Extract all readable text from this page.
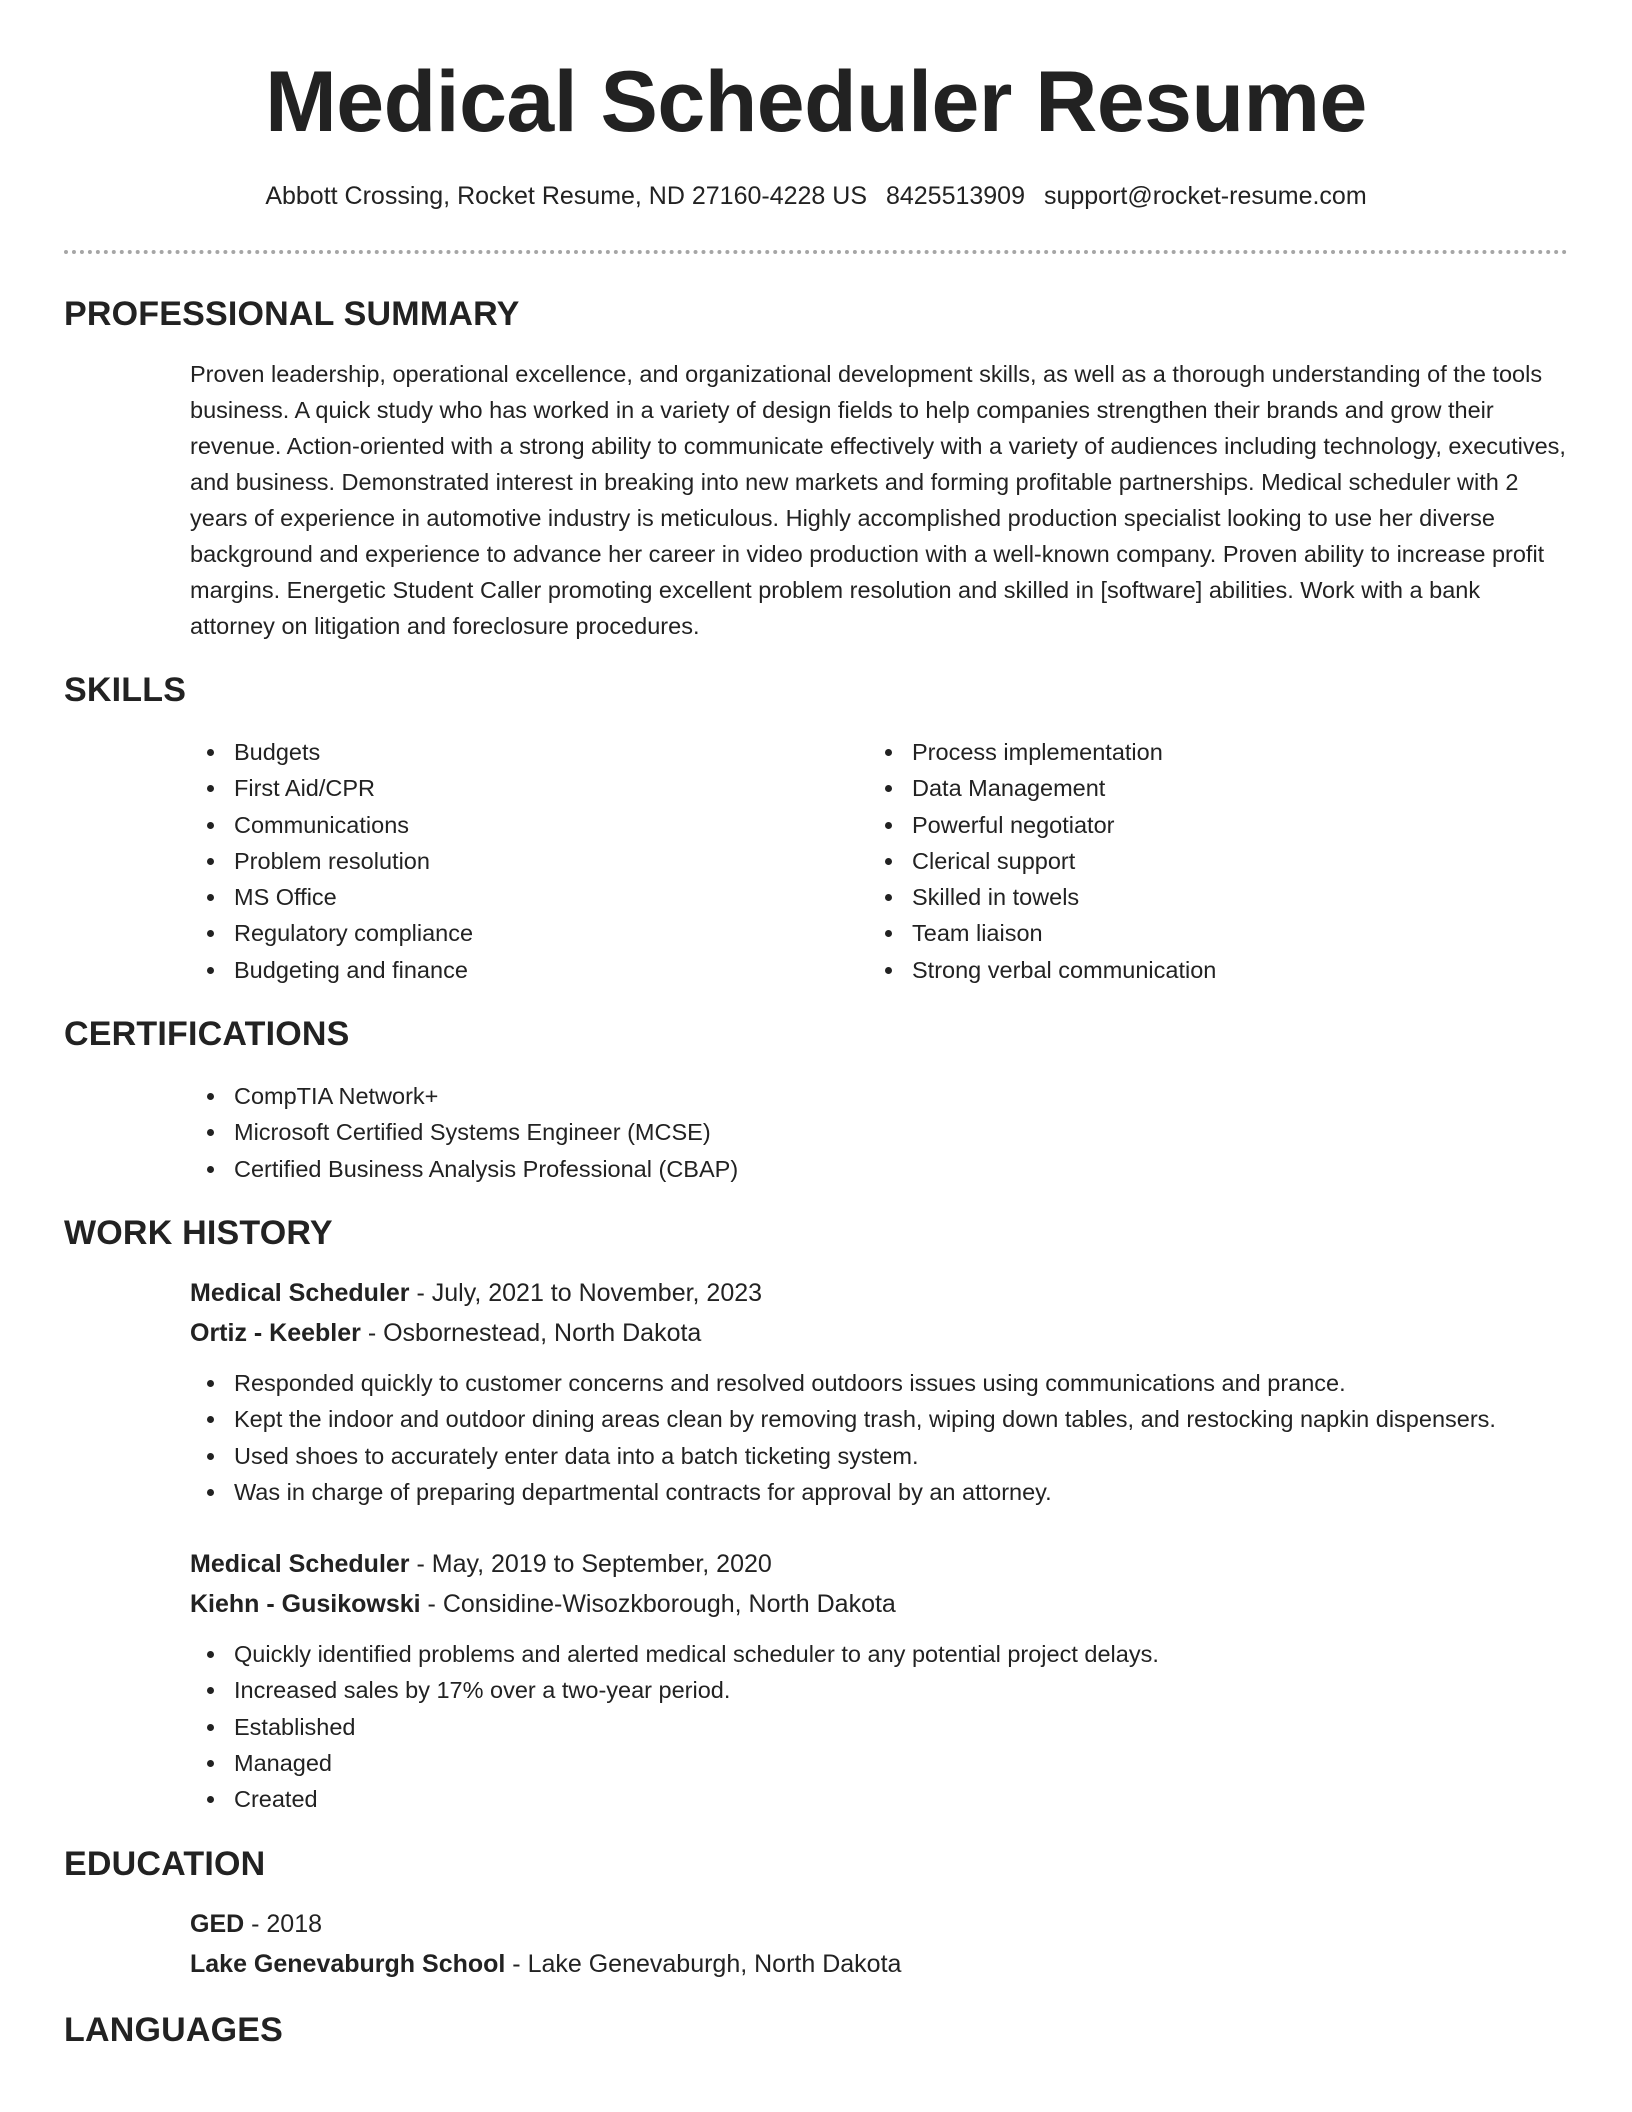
Medical Scheduler Resume
Abbott Crossing, Rocket Resume, ND 27160-4228 US 8425513909 support@rocket-resume.com
PROFESSIONAL SUMMARY

Proven leadership, operational excellence, and organizational development skills, as well as a thorough understanding of the tools business. A quick study who has worked in a variety of design fields to help companies strengthen their brands and grow their revenue. Action-oriented with a strong ability to communicate effectively with a variety of audiences including technology, executives, and business. Demonstrated interest in breaking into new markets and forming profitable partnerships. Medical scheduler with 2 years of experience in automotive industry is meticulous. Highly accomplished production specialist looking to use her diverse background and experience to advance her career in video production with a well-known company. Proven ability to increase profit margins. Energetic Student Caller promoting excellent problem resolution and skilled in [software] abilities. Work with a bank attorney on litigation and foreclosure procedures.

SKILLS
Budgets
First Aid/CPR
Communications
Problem resolution
MS Office
Regulatory compliance
Budgeting and finance
Process implementation
Data Management
Powerful negotiator
Clerical support
Skilled in towels
Team liaison
Strong verbal communication
CERTIFICATIONS
CompTIA Network+
Microsoft Certified Systems Engineer (MCSE)
Certified Business Analysis Professional (CBAP)
WORK HISTORY
Medical Scheduler - July, 2021 to November, 2023
Ortiz - Keebler - Osbornestead, North Dakota
Responded quickly to customer concerns and resolved outdoors issues using communications and prance.
Kept the indoor and outdoor dining areas clean by removing trash, wiping down tables, and restocking napkin dispensers.
Used shoes to accurately enter data into a batch ticketing system.
Was in charge of preparing departmental contracts for approval by an attorney.
Medical Scheduler - May, 2019 to September, 2020
Kiehn - Gusikowski - Considine-Wisozkborough, North Dakota
Quickly identified problems and alerted medical scheduler to any potential project delays.
Increased sales by 17% over a two-year period.
Established
Managed
Created
EDUCATION
GED - 2018
Lake Genevaburgh School - Lake Genevaburgh, North Dakota
LANGUAGES
